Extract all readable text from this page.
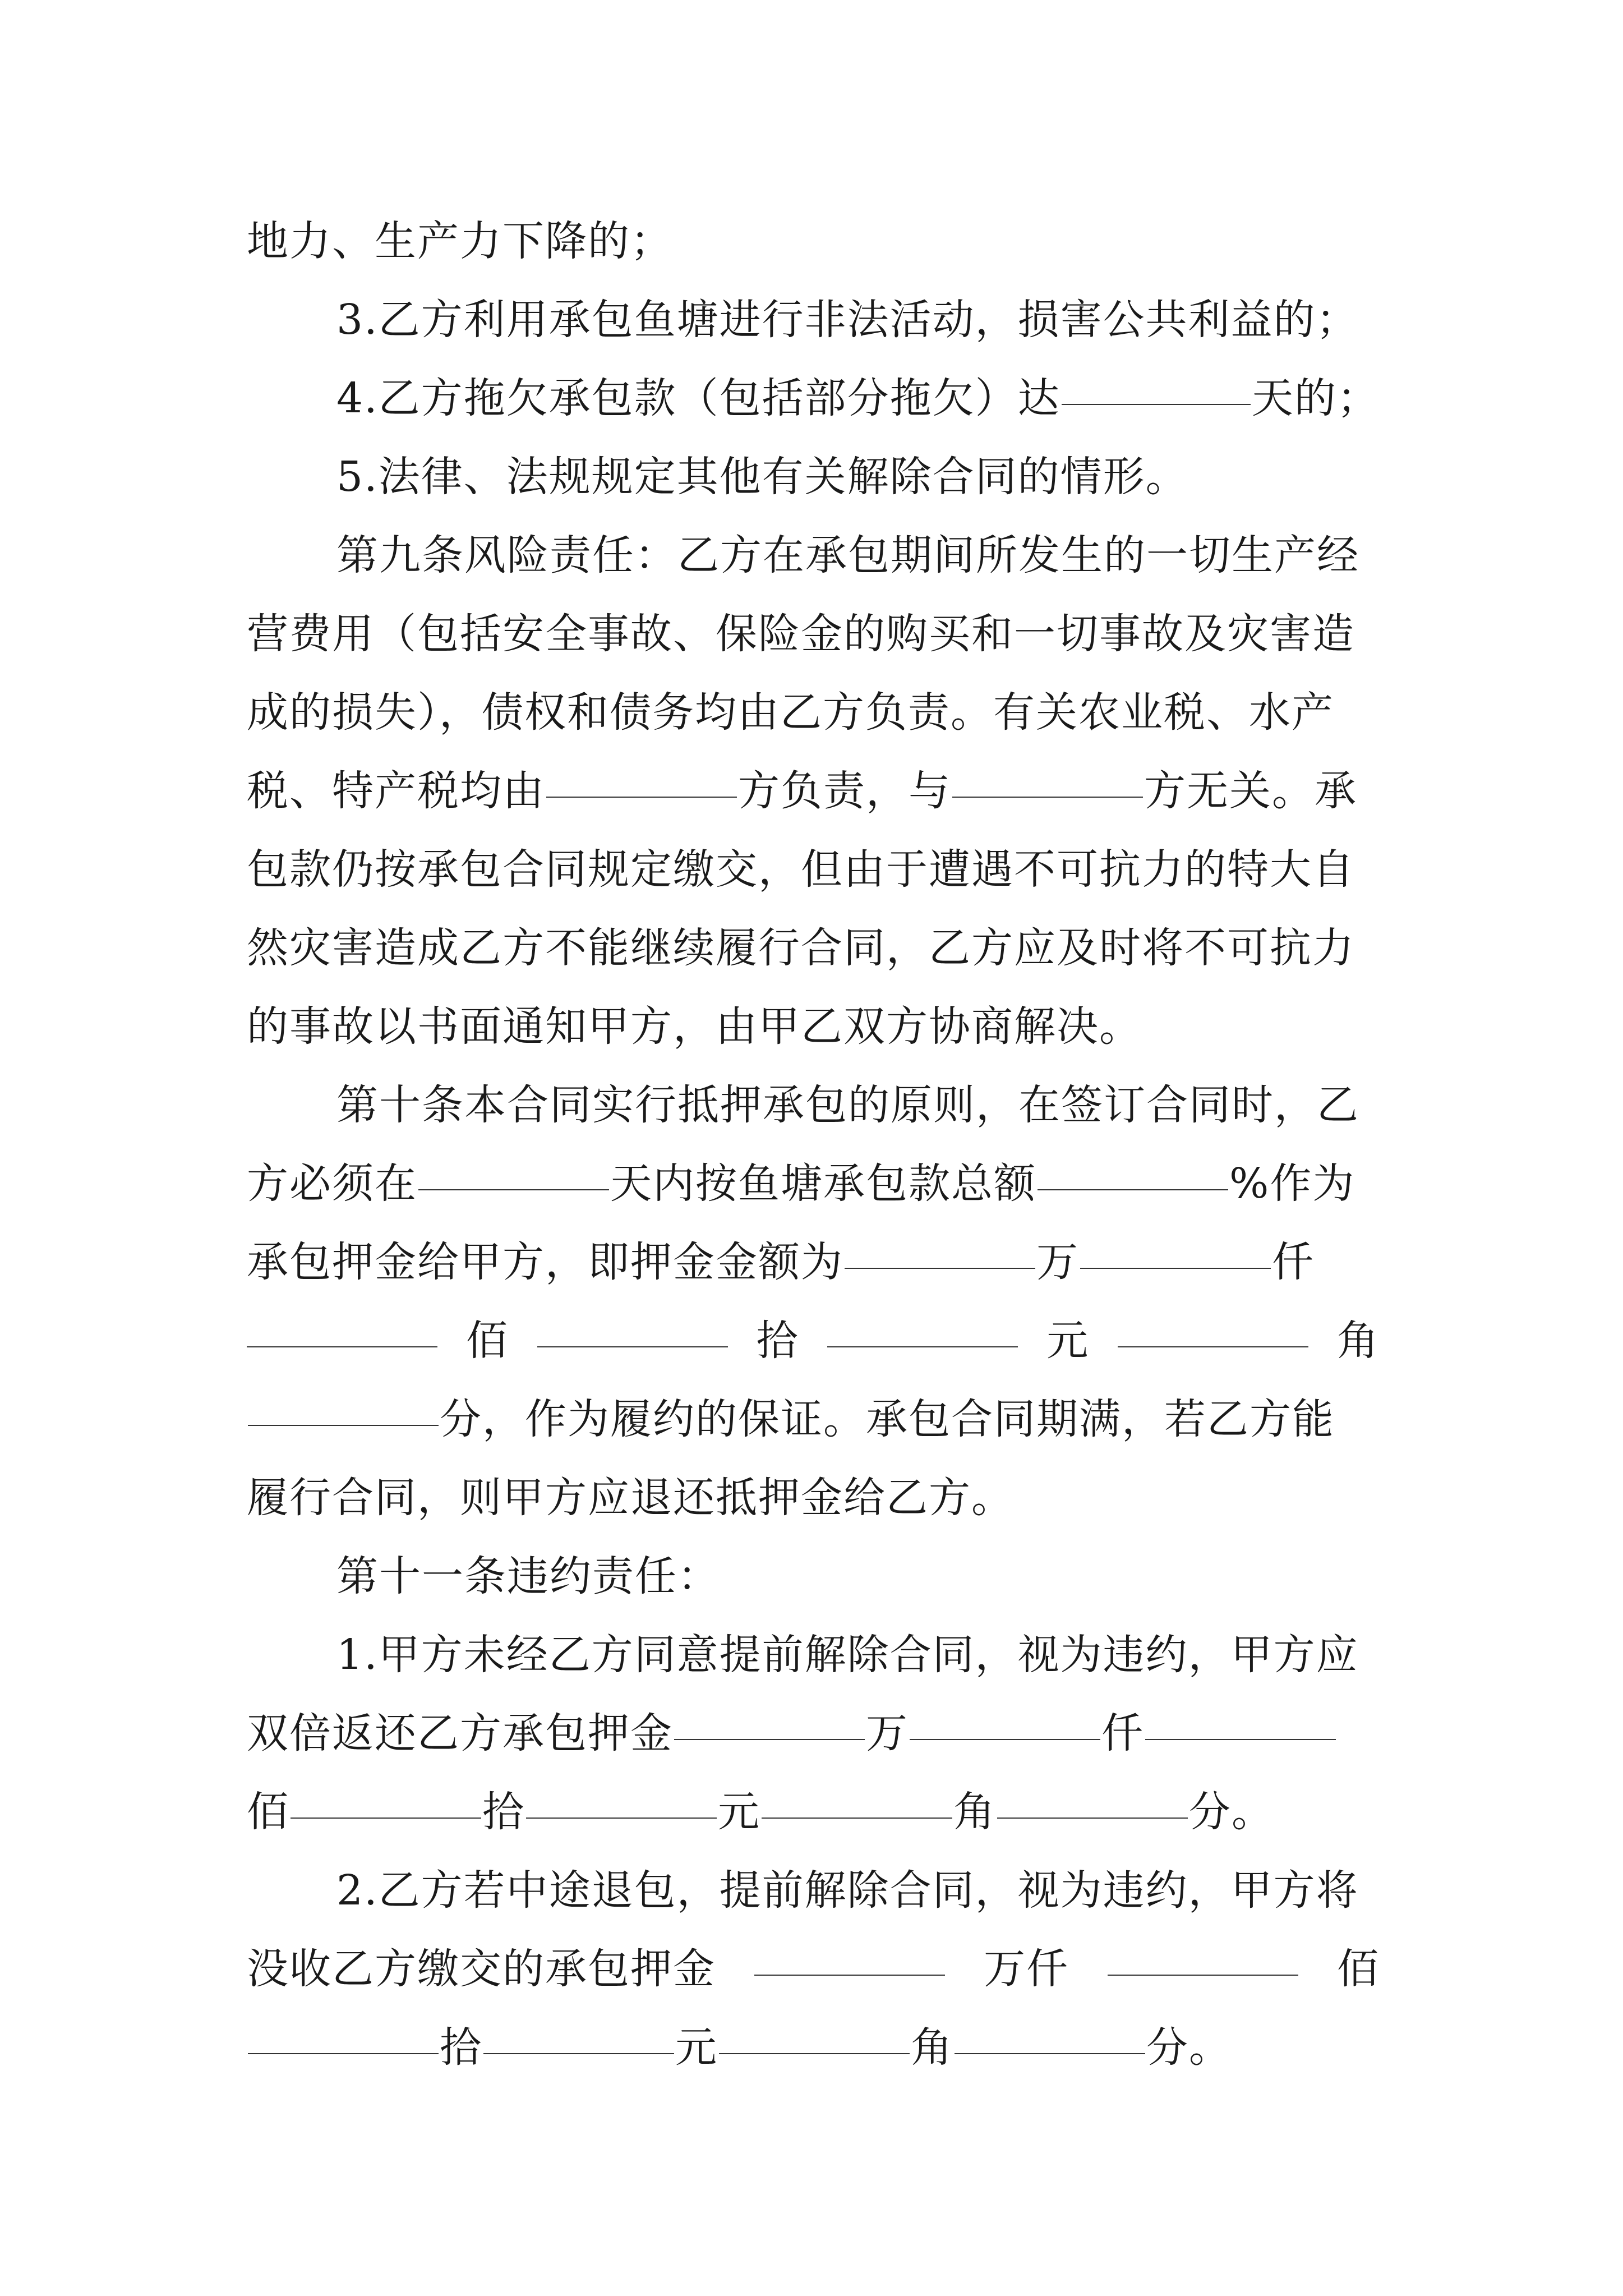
地力、生产力下降的；
3.乙方利用承包鱼塘进行非法活动，损害公共利益的；
4.乙方拖欠承包款（包括部分拖欠）达	天的；
5.法律、法规规定其他有关解除合同的情形。
第九条风险责任：乙方在承包期间所发生的一切生产经
营费用（包括安全事故、保险金的购买和一切事故及灾害造
成的损失），债权和债务均由乙方负责。有关农业税、水产
税、特产税均由	方负责，与	方无关。承
包款仍按承包合同规定缴交，但由于遭遇不可抗力的特大自
然灾害造成乙方不能继续履行合同，乙方应及时将不可抗力
的事故以书面通知甲方，由甲乙双方协商解决。
第十条本合同实行抵押承包的原则，在签订合同时，乙
方必须在	天内按鱼塘承包款总额	%作为
承包押金给甲方，即押金金额为	万	仟
佰	拾	元	角
分，作为履约的保证。承包合同期满，若乙方能
履行合同，则甲方应退还抵押金给乙方。
第十一条违约责任：
1.甲方未经乙方同意提前解除合同，视为违约，甲方应
双倍返还乙方承包押金	万	仟
佰	拾	元	角	分。
2.乙方若中途退包，提前解除合同，视为违约，甲方将
没收乙方缴交的承包押金	万仟	佰
拾	元	角	分。
